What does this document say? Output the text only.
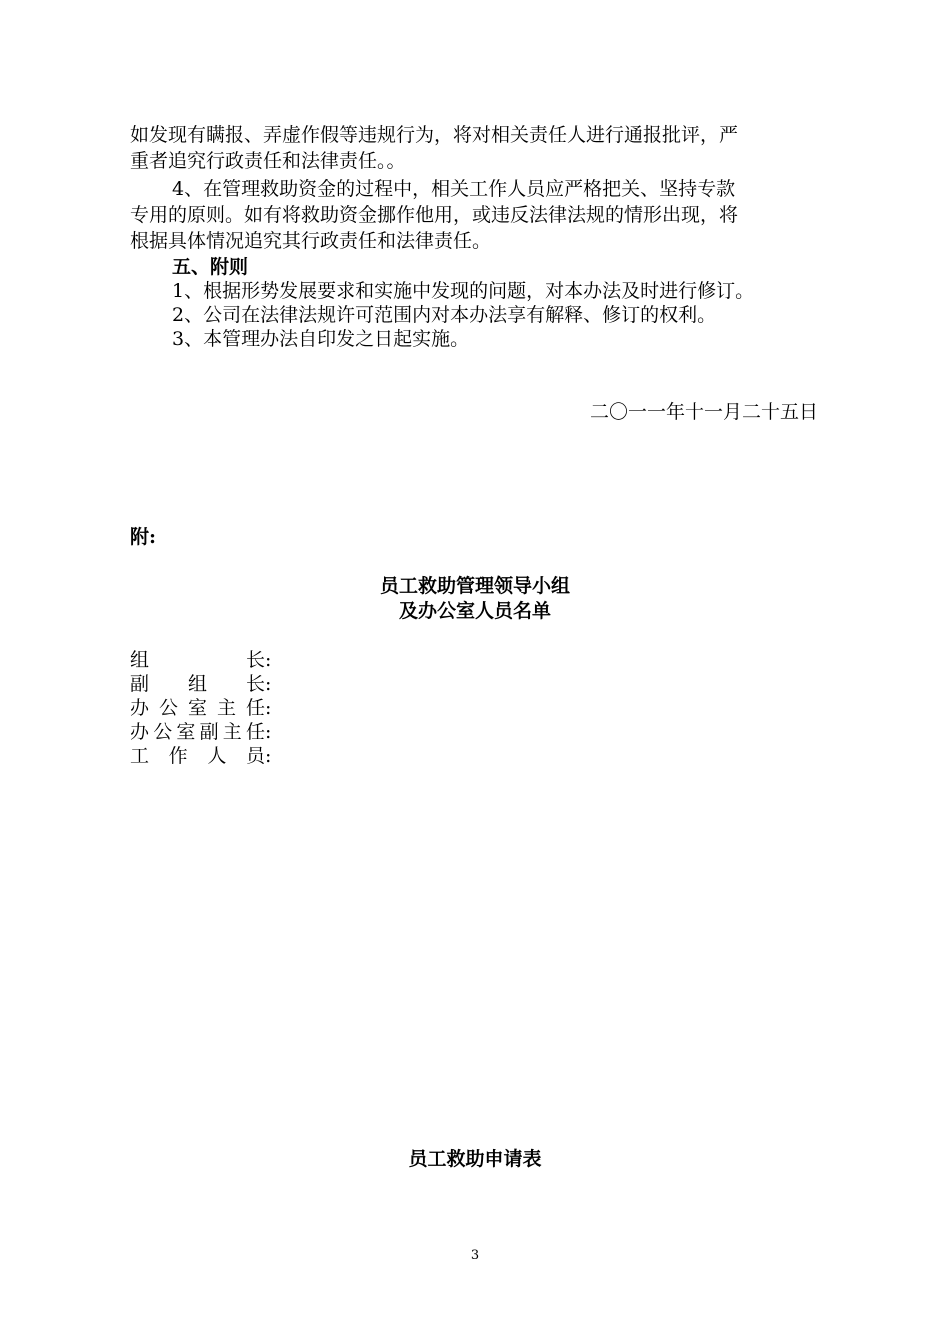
如发现有瞒报、弄虚作假等违规行为，将对相关责任人进行通报批评，严
重者追究行政责任和法律责任。。
4、在管理救助资金的过程中，相关工作人员应严格把关、坚持专款
专用的原则。如有将救助资金挪作他用，或违反法律法规的情形出现，将
根据具体情况追究其行政责任和法律责任。
五、附则
1、根据形势发展要求和实施中发现的问题，对本办法及时进行修订。
2、公司在法律法规许可范围内对本办法享有解释、修订的权利。
3、本管理办法自印发之日起实施。
二〇一一年十一月二十五日
附:
员工救助管理领导小组
及办公室人员名单
组长:
副组长:
办公室主任:
办公室副主任:
工作人员:
员工救助申请表
3
